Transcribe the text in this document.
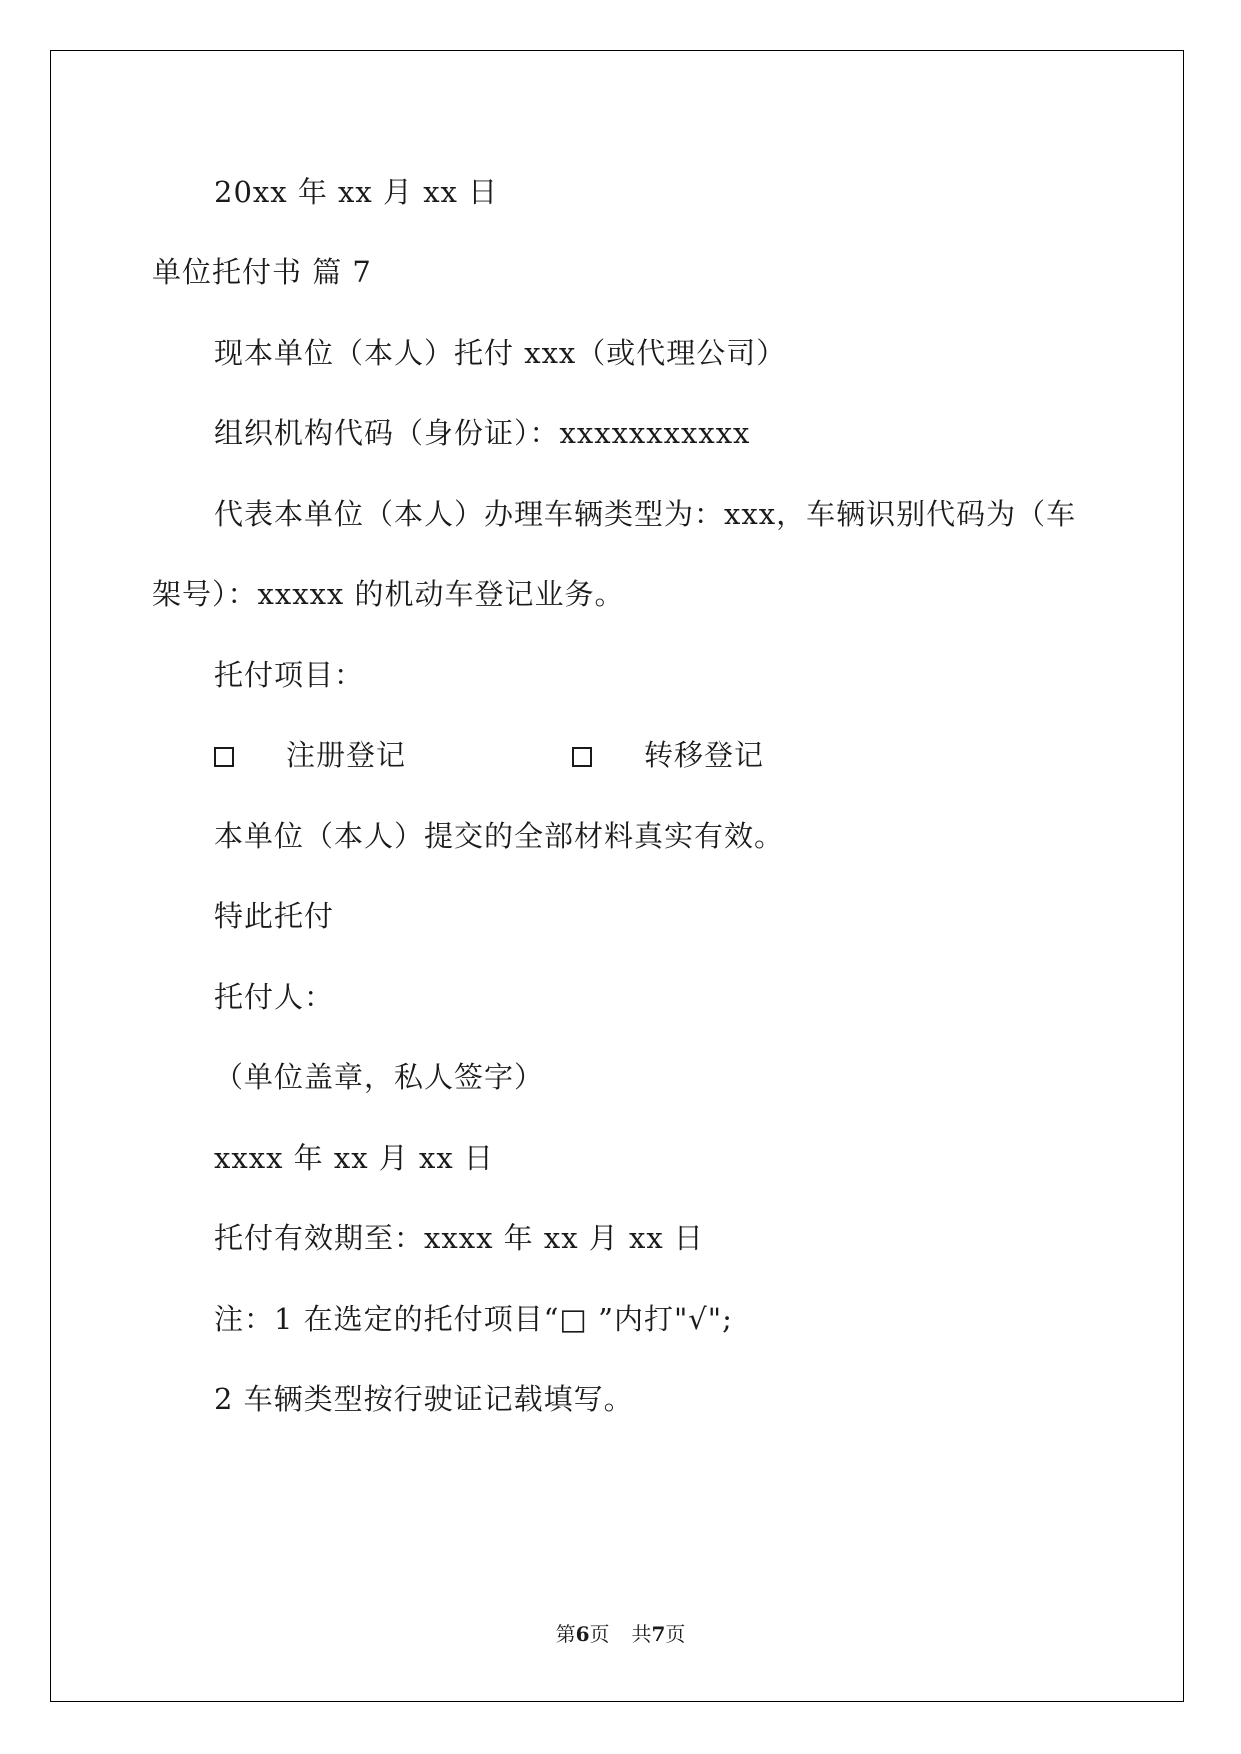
20xx 年 xx 月 xx 日
单位托付书 篇 7
现本单位（本人）托付 xxx（或代理公司）
组织机构代码（身份证）：xxxxxxxxxxx
代表本单位（本人）办理车辆类型为：xxx，车辆识别代码为（车
架号）：xxxxx 的机动车登记业务。
托付项目：
注册登记	转移登记
本单位（本人）提交的全部材料真实有效。
特此托付
托付人：
（单位盖章，私人签字）
xxxx 年 xx 月 xx 日
托付有效期至：xxxx 年 xx 月 xx 日
注：1 在选定的托付项目“□ ”内打"√";
2 车辆类型按行驶证记载填写。
第6页 共7页
